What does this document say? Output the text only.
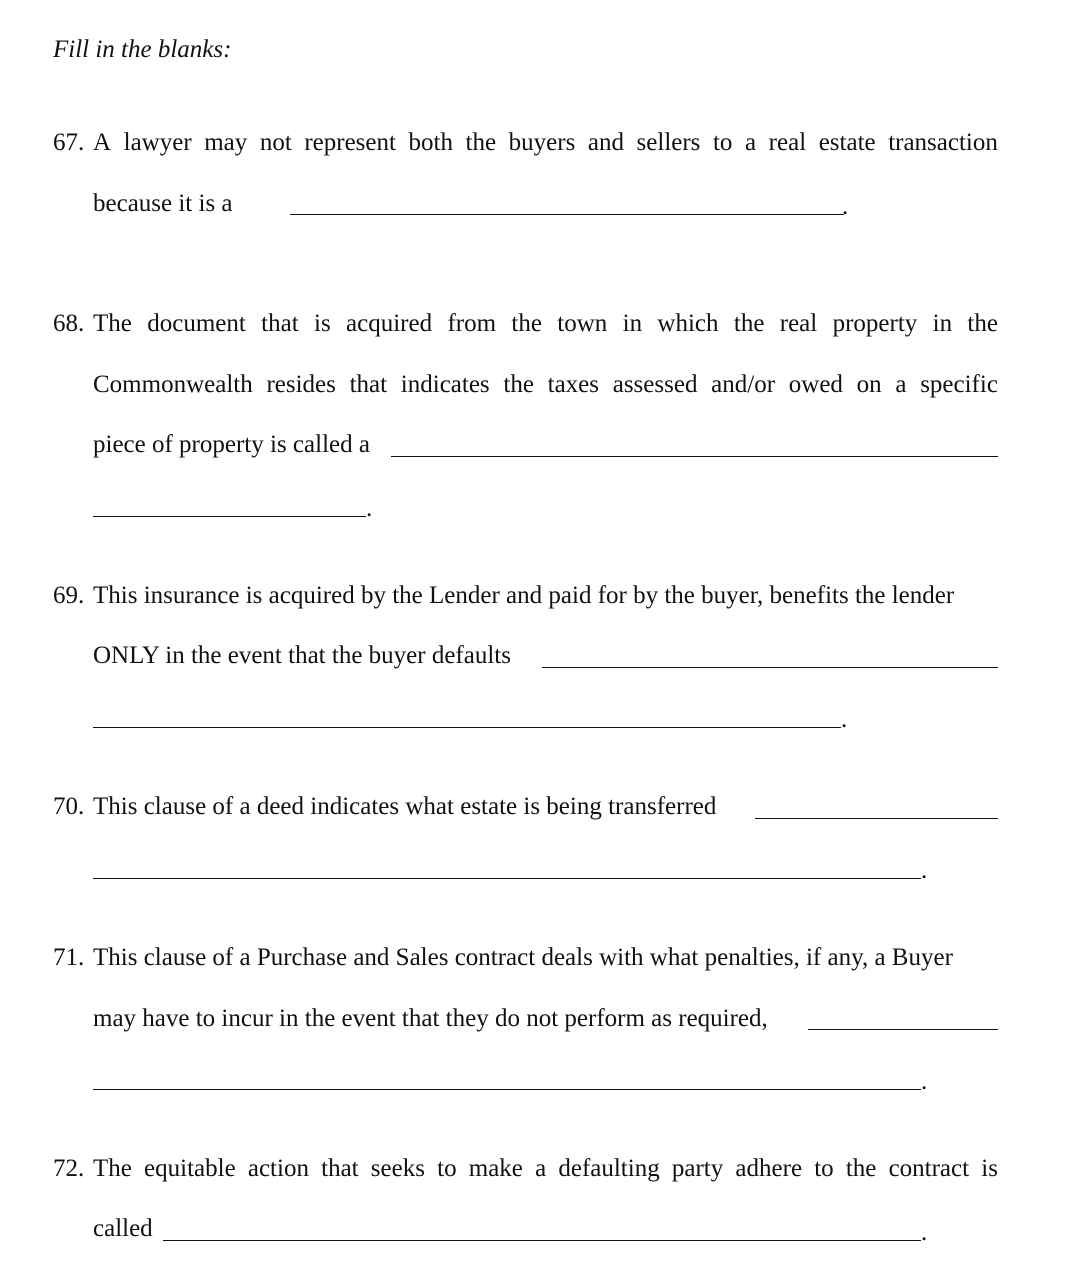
Fill in the blanks:
67. A lawyer may not represent both the buyers and sellers to a real estate transaction
because it is a	.
68. The document that is acquired from the town in which the real property in the
Commonwealth resides that indicates the taxes assessed and/or owed on a specific
piece of property is called a
.
69. This insurance is acquired by the Lender and paid for by the buyer, benefits the lender
ONLY in the event that the buyer defaults
.
70. This clause of a deed indicates what estate is being transferred
.
71. This clause of a Purchase and Sales contract deals with what penalties, if any, a Buyer
may have to incur in the event that they do not perform as required,
.
72. The equitable action that seeks to make a defaulting party adhere to the contract is
called	.
